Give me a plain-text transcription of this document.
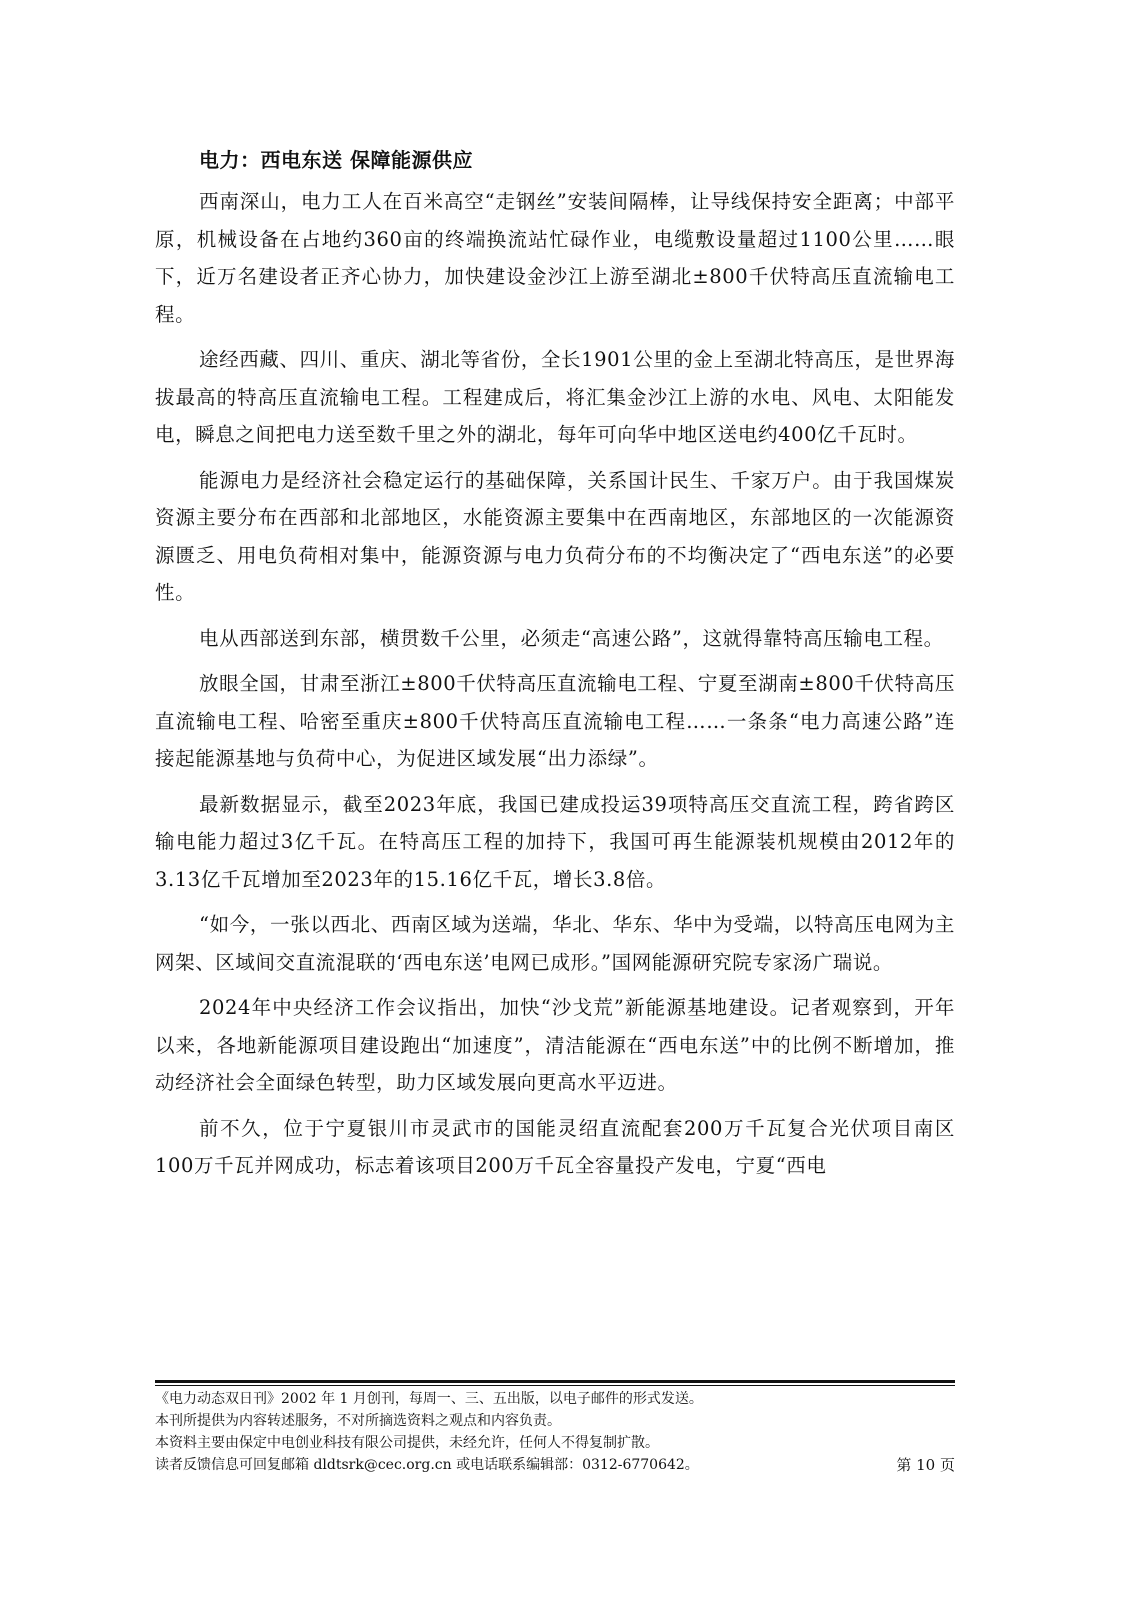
电力：西电东送 保障能源供应

西南深山，电力工人在百米高空“走钢丝”安装间隔棒，让导线保持安全距离；中部平原，机械设备在占地约360亩的终端换流站忙碌作业，电缆敷设量超过1100公里……眼下，近万名建设者正齐心协力，加快建设金沙江上游至湖北±800千伏特高压直流输电工程。

途经西藏、四川、重庆、湖北等省份，全长1901公里的金上至湖北特高压，是世界海拔最高的特高压直流输电工程。工程建成后，将汇集金沙江上游的水电、风电、太阳能发电，瞬息之间把电力送至数千里之外的湖北，每年可向华中地区送电约400亿千瓦时。

能源电力是经济社会稳定运行的基础保障，关系国计民生、千家万户。由于我国煤炭资源主要分布在西部和北部地区，水能资源主要集中在西南地区，东部地区的一次能源资源匮乏、用电负荷相对集中，能源资源与电力负荷分布的不均衡决定了“西电东送”的必要性。

电从西部送到东部，横贯数千公里，必须走“高速公路”，这就得靠特高压输电工程。

放眼全国，甘肃至浙江±800千伏特高压直流输电工程、宁夏至湖南±800千伏特高压直流输电工程、哈密至重庆±800千伏特高压直流输电工程……一条条“电力高速公路”连接起能源基地与负荷中心，为促进区域发展“出力添绿”。

最新数据显示，截至2023年底，我国已建成投运39项特高压交直流工程，跨省跨区输电能力超过3亿千瓦。在特高压工程的加持下，我国可再生能源装机规模由2012年的3.13亿千瓦增加至2023年的15.16亿千瓦，增长3.8倍。

“如今，一张以西北、西南区域为送端，华北、华东、华中为受端，以特高压电网为主网架、区域间交直流混联的‘西电东送’电网已成形。”国网能源研究院专家汤广瑞说。

2024年中央经济工作会议指出，加快“沙戈荒”新能源基地建设。记者观察到，开年以来，各地新能源项目建设跑出“加速度”，清洁能源在“西电东送”中的比例不断增加，推动经济社会全面绿色转型，助力区域发展向更高水平迈进。

前不久，位于宁夏银川市灵武市的国能灵绍直流配套200万千瓦复合光伏项目南区100万千瓦并网成功，标志着该项目200万千瓦全容量投产发电，宁夏“西电

《电力动态双日刊》2002 年 1 月创刊，每周一、三、五出版，以电子邮件的形式发送。
本刊所提供为内容转述服务，不对所摘选资料之观点和内容负责。
本资料主要由保定中电创业科技有限公司提供，未经允许，任何人不得复制扩散。
读者反馈信息可回复邮箱 dldtsrk@cec.org.cn 或电话联系编辑部：0312-6770642。	第 10 页
